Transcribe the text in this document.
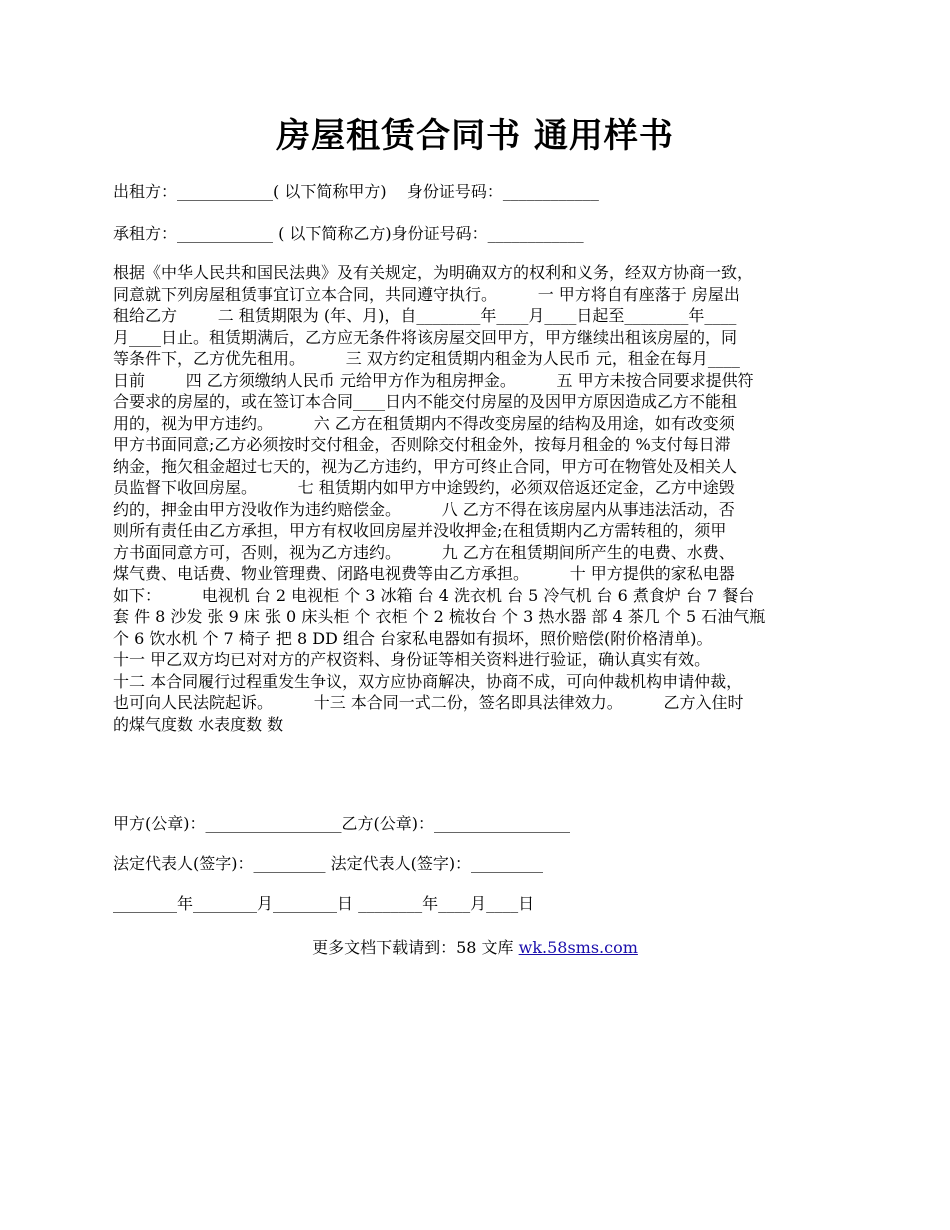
房屋租赁合同书 通用样书
出租方：____________( 以下简称甲方)    身份证号码：____________
承租方：____________ ( 以下简称乙方)身份证号码：____________
根据《中华人民共和国民法典》及有关规定，为明确双方的权利和义务，经双方协商一致，
同意就下列房屋租赁事宜订立本合同，共同遵守执行。        一 甲方将自有座落于 房屋出
租给乙方        二 租赁期限为 (年、月)，自________年____月____日起至________年____
月____日止。租赁期满后，乙方应无条件将该房屋交回甲方，甲方继续出租该房屋的，同
等条件下，乙方优先租用。        三 双方约定租赁期内租金为人民币 元，租金在每月____
日前        四 乙方须缴纳人民币 元给甲方作为租房押金。        五 甲方未按合同要求提供符
合要求的房屋的，或在签订本合同____日内不能交付房屋的及因甲方原因造成乙方不能租
用的，视为甲方违约。        六 乙方在租赁期内不得改变房屋的结构及用途，如有改变须
甲方书面同意;乙方必须按时交付租金，否则除交付租金外，按每月租金的 %支付每日滞
纳金，拖欠租金超过七天的，视为乙方违约，甲方可终止合同，甲方可在物管处及相关人
员监督下收回房屋。        七 租赁期内如甲方中途毁约，必须双倍返还定金，乙方中途毁
约的，押金由甲方没收作为违约赔偿金。        八 乙方不得在该房屋内从事违法活动，否
则所有责任由乙方承担，甲方有权收回房屋并没收押金;在租赁期内乙方需转租的，须甲
方书面同意方可，否则，视为乙方违约。        九 乙方在租赁期间所产生的电费、水费、
煤气费、电话费、物业管理费、闭路电视费等由乙方承担。        十 甲方提供的家私电器
如下：        电视机 台 2 电视柜 个 3 冰箱 台 4 洗衣机 台 5 冷气机 台 6 煮食炉 台 7 餐台
套 件 8 沙发 张 9 床 张 0 床头柜 个 衣柜 个 2 梳妆台 个 3 热水器 部 4 茶几 个 5 石油气瓶
个 6 饮水机 个 7 椅子 把 8 DD 组合 台家私电器如有损坏，照价赔偿(附价格清单)。
十一 甲乙双方均已对对方的产权资料、身份证等相关资料进行验证，确认真实有效。
十二 本合同履行过程重发生争议，双方应协商解决，协商不成，可向仲裁机构申请仲裁，
也可向人民法院起诉。        十三 本合同一式二份，签名即具法律效力。        乙方入住时
的煤气度数 水表度数 数
甲方(公章)：_________________乙方(公章)：_________________
法定代表人(签字)：_________ 法定代表人(签字)：_________
________年________月________日 ________年____月____日
更多文档下载请到：58 文库 wk.58sms.com
